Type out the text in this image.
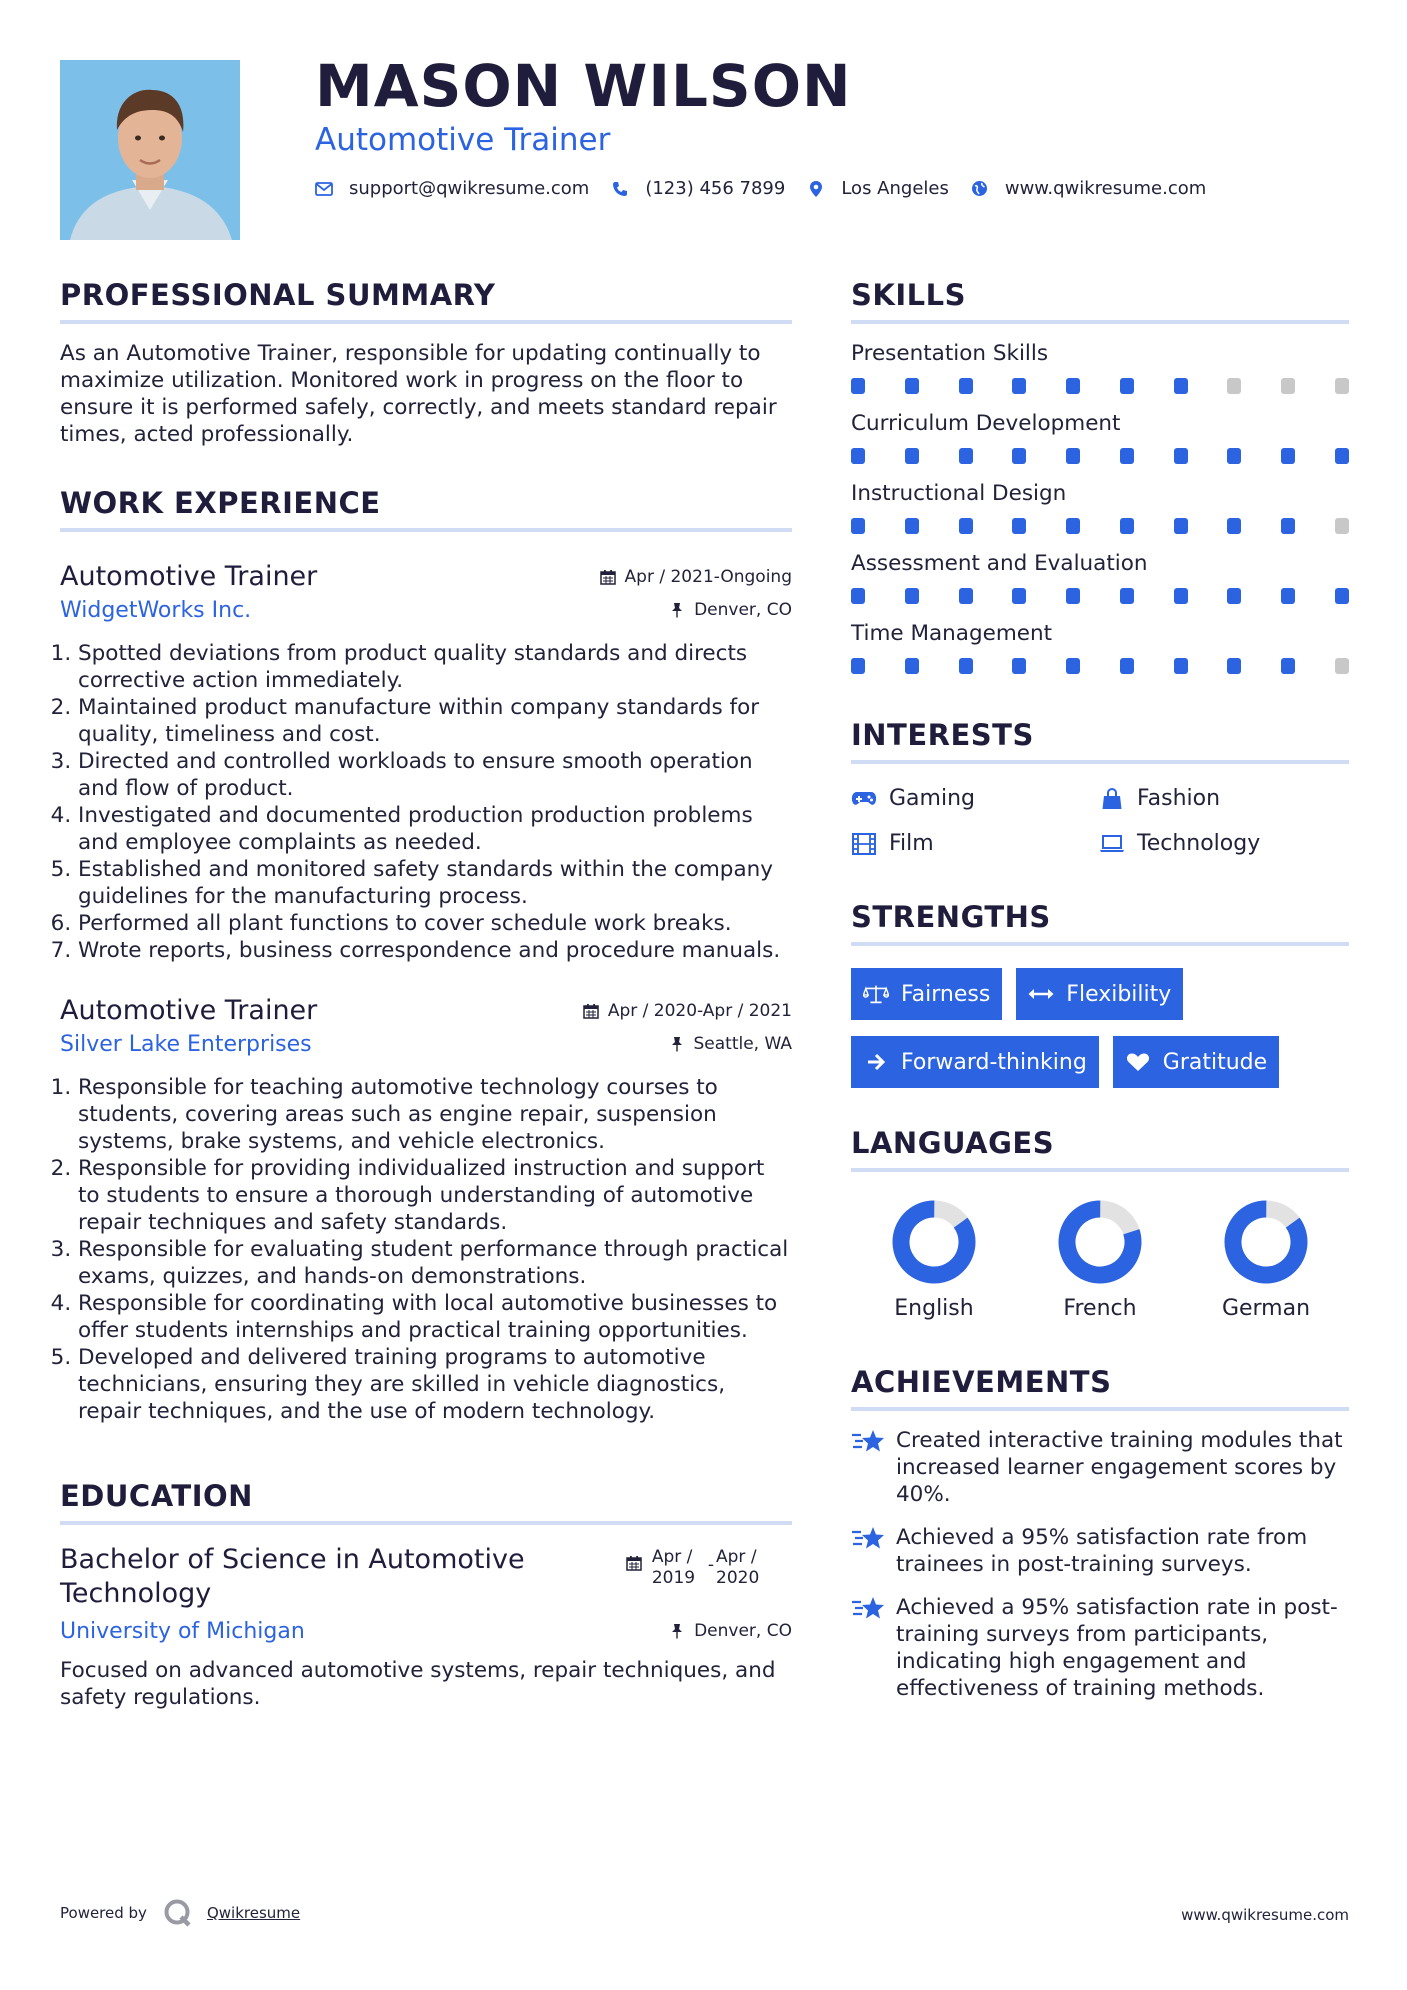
MASON WILSON
Automotive Trainer
support@qwikresume.com	(123) 456 7899	Los Angeles	www.qwikresume.com
PROFESSIONAL SUMMARY
As an Automotive Trainer, responsible for updating continually to maximize utilization. Monitored work in progress on the floor to ensure it is performed safely, correctly, and meets standard repair times, acted professionally.
WORK EXPERIENCE
Automotive Trainer	Apr / 2021-Ongoing
WidgetWorks Inc.	Denver, CO
1. Spotted deviations from product quality standards and directs corrective action immediately.
2. Maintained product manufacture within company standards for quality, timeliness and cost.
3. Directed and controlled workloads to ensure smooth operation and flow of product.
4. Investigated and documented production production problems and employee complaints as needed.
5. Established and monitored safety standards within the company guidelines for the manufacturing process.
6. Performed all plant functions to cover schedule work breaks.
7. Wrote reports, business correspondence and procedure manuals.
Automotive Trainer	Apr / 2020-Apr / 2021
Silver Lake Enterprises	Seattle, WA
1. Responsible for teaching automotive technology courses to students, covering areas such as engine repair, suspension systems, brake systems, and vehicle electronics.
2. Responsible for providing individualized instruction and support to students to ensure a thorough understanding of automotive repair techniques and safety standards.
3. Responsible for evaluating student performance through practical exams, quizzes, and hands-on demonstrations.
4. Responsible for coordinating with local automotive businesses to offer students internships and practical training opportunities.
5. Developed and delivered training programs to automotive technicians, ensuring they are skilled in vehicle diagnostics, repair techniques, and the use of modern technology.
EDUCATION
Bachelor of Science in Automotive Technology
Apr / 2019
- Apr / 2020
University of Michigan	Denver, CO
Focused on advanced automotive systems, repair techniques, and safety regulations.
SKILLS
Presentation Skills
Curriculum Development
Instructional Design
Assessment and Evaluation
Time Management
INTERESTS
Gaming	Fashion
Film	Technology
STRENGTHS
Fairness	Flexibility
Forward-thinking	Gratitude
LANGUAGES
English	French	German
ACHIEVEMENTS
Created interactive training modules that increased learner engagement scores by 40%.
Achieved a 95% satisfaction rate from trainees in post-training surveys.
Achieved a 95% satisfaction rate in post-training surveys from participants, indicating high engagement and effectiveness of training methods.
Powered by	Qwikresume	www.qwikresume.com
